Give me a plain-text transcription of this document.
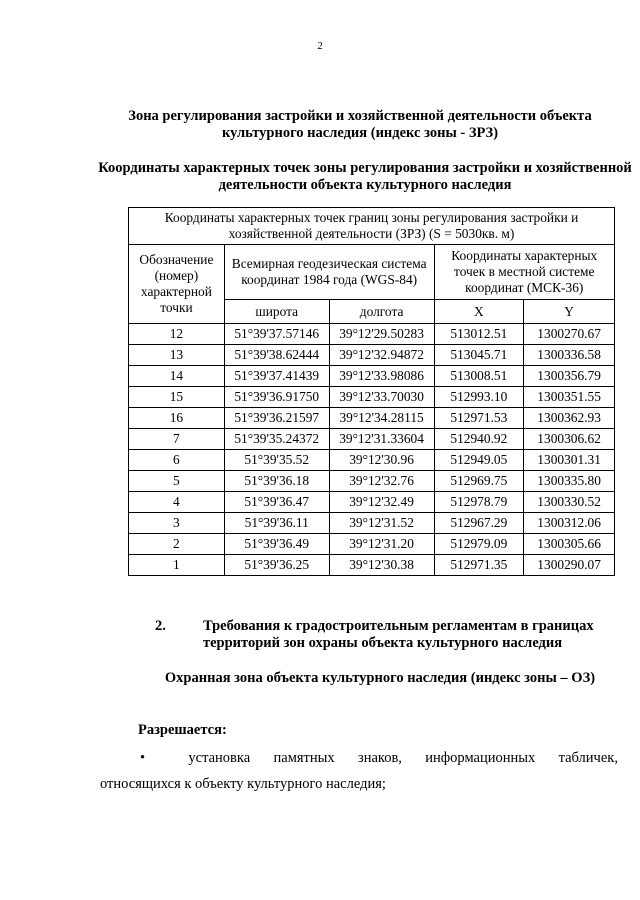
2
Зона регулирования застройки и хозяйственной деятельности объекта культурного наследия (индекс зоны - ЗРЗ)
Координаты характерных точек зоны регулирования застройки и хозяйственной деятельности объекта культурного наследия
Координаты характерных точек границ зоны регулирования застройки и хозяйственной деятельности (ЗРЗ) (S = 5030кв. м)				
Обозначение (номер) характерной точки	Всемирная геодезическая система координат 1984 года (WGS-84)		Координаты характерных точек в местной системе координат (МСК-36)	
	широта	долгота	X	Y
12	51°39'37.57146	39°12'29.50283	513012.51	1300270.67
13	51°39'38.62444	39°12'32.94872	513045.71	1300336.58
14	51°39'37.41439	39°12'33.98086	513008.51	1300356.79
15	51°39'36.91750	39°12'33.70030	512993.10	1300351.55
16	51°39'36.21597	39°12'34.28115	512971.53	1300362.93
7	51°39'35.24372	39°12'31.33604	512940.92	1300306.62
6	51°39'35.52	39°12'30.96	512949.05	1300301.31
5	51°39'36.18	39°12'32.76	512969.75	1300335.80
4	51°39'36.47	39°12'32.49	512978.79	1300330.52
3	51°39'36.11	39°12'31.52	512967.29	1300312.06
2	51°39'36.49	39°12'31.20	512979.09	1300305.66
1	51°39'36.25	39°12'30.38	512971.35	1300290.07
2.	Требования к градостроительным регламентам в границах территорий зон охраны объекта культурного наследия
Охранная зона объекта культурного наследия (индекс зоны – ОЗ)
Разрешается:
•	установка памятных знаков, информационных табличек,
относящихся к объекту культурного наследия;
